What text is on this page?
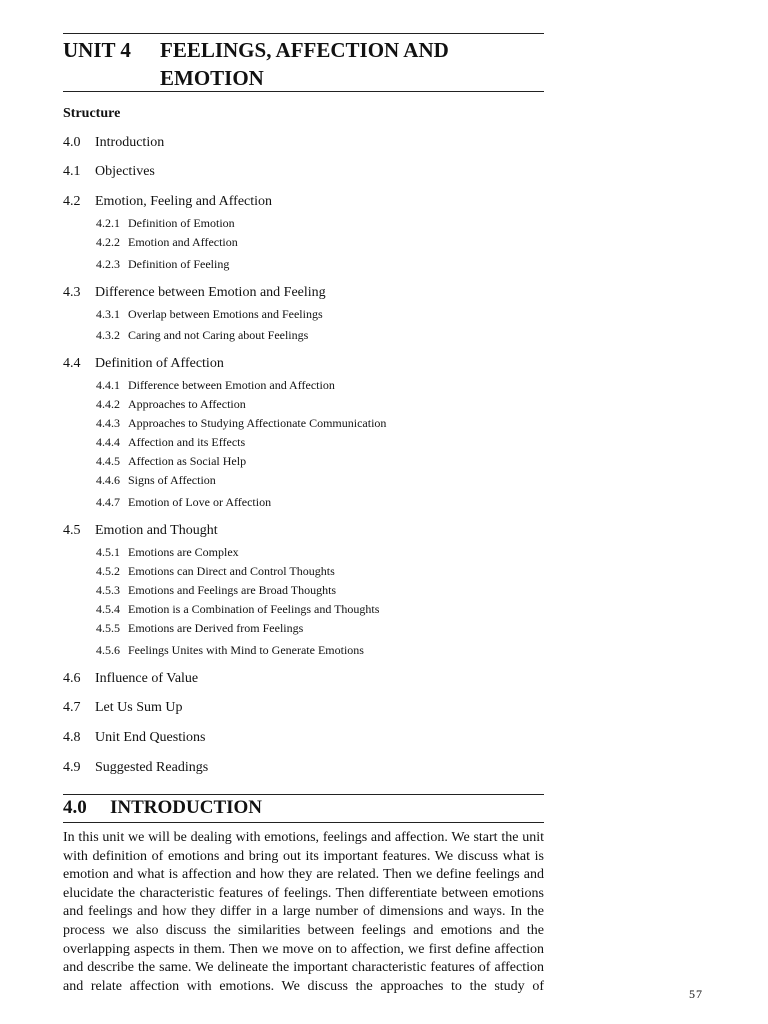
UNIT 4 FEELINGS, AFFECTION AND
EMOTION
Structure
4.0 Introduction
4.1 Objectives
4.2 Emotion, Feeling and Affection
4.2.1 Definition of Emotion
4.2.2 Emotion and Affection
4.2.3 Definition of Feeling
4.3 Difference between Emotion and Feeling
4.3.1 Overlap between Emotions and Feelings
4.3.2 Caring and not Caring about Feelings
4.4 Definition of Affection
4.4.1 Difference between Emotion and Affection
4.4.2 Approaches to Affection
4.4.3 Approaches to Studying Affectionate Communication
4.4.4 Affection and its Effects
4.4.5 Affection as Social Help
4.4.6 Signs of Affection
4.4.7 Emotion of Love or Affection
4.5 Emotion and Thought
4.5.1 Emotions are Complex
4.5.2 Emotions can Direct and Control Thoughts
4.5.3 Emotions and Feelings are Broad Thoughts
4.5.4 Emotion is a Combination of Feelings and Thoughts
4.5.5 Emotions are Derived from Feelings
4.5.6 Feelings Unites with Mind to Generate Emotions
4.6 Influence of Value
4.7 Let Us Sum Up
4.8 Unit End Questions
4.9 Suggested Readings
4.0 INTRODUCTION

In this unit we will be dealing with emotions, feelings and affection. We start the unit with definition of emotions and bring out its important features. We discuss what is emotion and what is affection and how they are related. Then we define feelings and elucidate the characteristic features of feelings. Then differentiate between emotions and feelings and how they differ in a large number of dimensions and ways. In the process we also discuss the similarities between feelings and emotions and the overlapping aspects in them. Then we move on to affection, we first define affection and describe the same. We delineate the important characteristic features of affection and relate affection with emotions. We discuss the approaches to the study of

57
